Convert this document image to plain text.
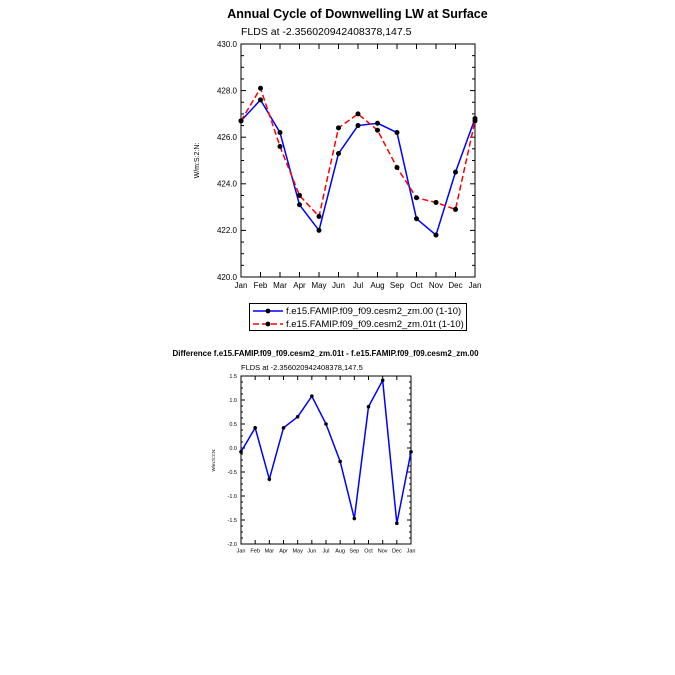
Annual Cycle of Downwelling LW at Surface
FLDS at -2.356020942408378,147.5
Jan Feb Mar Apr May Jun Jul Aug Sep Oct Nov Dec Jan
420.0
422.0
424.0
426.0
428.0
430.0
W/m:S:2:N:
f.e15.FAMIP.f09_f09.cesm2_zm.00 (1-10)
f.e15.FAMIP.f09_f09.cesm2_zm.01t (1-10)
Difference f.e15.FAMIP.f09_f09.cesm2_zm.01t - f.e15.FAMIP.f09_f09.cesm2_zm.00
FLDS at -2.356020942408378,147.5
Jan Feb Mar Apr May Jun Jul Aug Sep Oct Nov Dec Jan
-2.0
-1.5
-1.0
-0.5
0.0
0.5
1.0
1.5
W/m:S:2:N:
